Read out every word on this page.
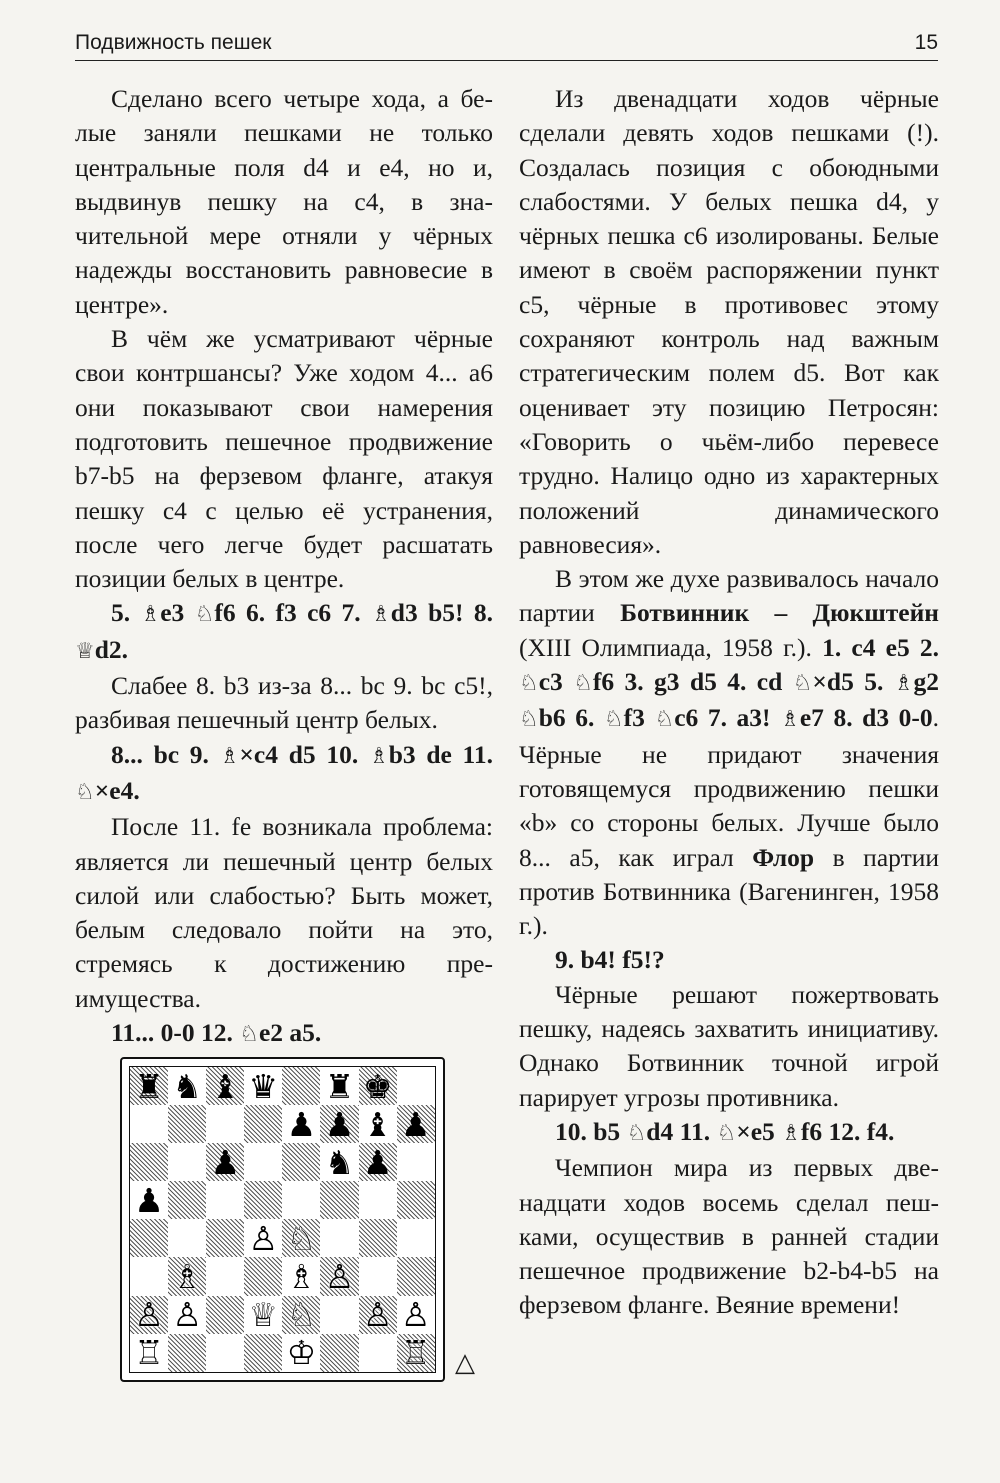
Подвижность пешек	15

Сделано всего четыре хода, а белые заняли пешками не только центральные поля d4 и e4, но и, выдвинув пешку на c4, в значительной мере отняли у чёрных надежды восстановить равновесие в центре».

В чём же усматривают чёрные свои контршансы? Уже ходом 4... a6 они показывают свои намерения подготовить пешечное продвижение b7-b5 на ферзевом фланге, атакуя пешку c4 с целью её устранения, после чего легче будет расшатать позиции белых в центре.

5. ♗e3 ♘f6 6. f3 c6 7. ♗d3 b5! 8. ♕d2.

Слабее 8. b3 из-за 8... bc 9. bc c5!, разбивая пешечный центр белых.

8... bc 9. ♗×c4 d5 10. ♗b3 de 11. ♘×e4.

После 11. fe возникала проблема: является ли пешечный центр белых силой или слабостью? Быть может, белым следовало пойти на это, стремясь к достижению преимущества.

11... 0-0 12. ♘e2 a5.

Из двенадцати ходов чёрные сделали девять ходов пешками (!). Создалась позиция с обоюдными слабостями. У белых пешка d4, у чёрных пешка c6 изолированы. Белые имеют в своём распоряжении пункт c5, чёрные в противовес этому сохраняют контроль над важным стратегическим полем d5. Вот как оценивает эту позицию Петросян: «Говорить о чьём-либо перевесе трудно. Налицо одно из характерных положений динамического равновесия».

В этом же духе развивалось начало партии Ботвинник – Дюкштейн (XIII Олимпиада, 1958 г.). 1. c4 e5 2. ♘c3 ♘f6 3. g3 d5 4. cd ♘×d5 5. ♗g2 ♘b6 6. ♘f3 ♘c6 7. a3! ♗e7 8. d3 0-0. Чёрные не придают значения готовящемуся продвижению пешки «b» со стороны белых. Лучше было 8... a5, как играл Флор в партии против Ботвинника (Вагенинген, 1958 г.).

9. b4! f5!?

Чёрные решают пожертвовать пешку, надеясь захватить инициативу. Однако Ботвинник точной игрой парирует угрозы противника.

10. b5 ♘d4 11. ♘×e5 ♗f6 12. f4.

Чемпион мира из первых двенадцати ходов восемь сделал пешками, осуществив в ранней стадии пешечное продвижение b2-b4-b5 на ферзевом фланге. Веяние времени!

♜ ♞ ♝ ♛ ♜ ♚
♟ ♟ ♝ ♟
♟	♞ ♟
♟
♙ ♘
♗	♗ ♙
♙ ♙ ♕ ♘ ♙ ♙
♖	♔	♖ △
